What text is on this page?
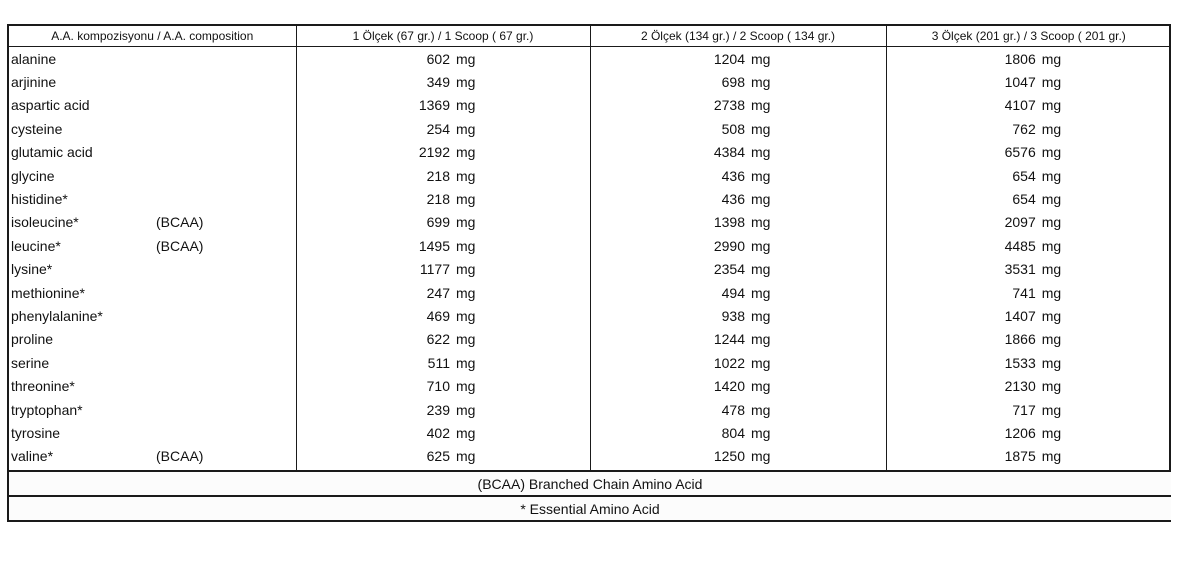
A.A. kompozisyonu / A.A. composition	1 Ölçek (67 gr.) / 1 Scoop ( 67 gr.)	2 Ölçek (134 gr.) / 2 Scoop ( 134 gr.)	3 Ölçek (201 gr.) / 3 Scoop ( 201 gr.)
alanine	602 mg	1204 mg	1806 mg
arjinine	349 mg	698 mg	1047 mg
aspartic acid	1369 mg	2738 mg	4107 mg
cysteine	254 mg	508 mg	762 mg
glutamic acid	2192 mg	4384 mg	6576 mg
glycine	218 mg	436 mg	654 mg
histidine*	218 mg	436 mg	654 mg
isoleucine* (BCAA)	699 mg	1398 mg	2097 mg
leucine* (BCAA)	1495 mg	2990 mg	4485 mg
lysine*	1177 mg	2354 mg	3531 mg
methionine*	247 mg	494 mg	741 mg
phenylalanine*	469 mg	938 mg	1407 mg
proline	622 mg	1244 mg	1866 mg
serine	511 mg	1022 mg	1533 mg
threonine*	710 mg	1420 mg	2130 mg
tryptophan*	239 mg	478 mg	717 mg
tyrosine	402 mg	804 mg	1206 mg
valine* (BCAA)	625 mg	1250 mg	1875 mg
(BCAA) Branched Chain Amino Acid			
* Essential Amino Acid			
